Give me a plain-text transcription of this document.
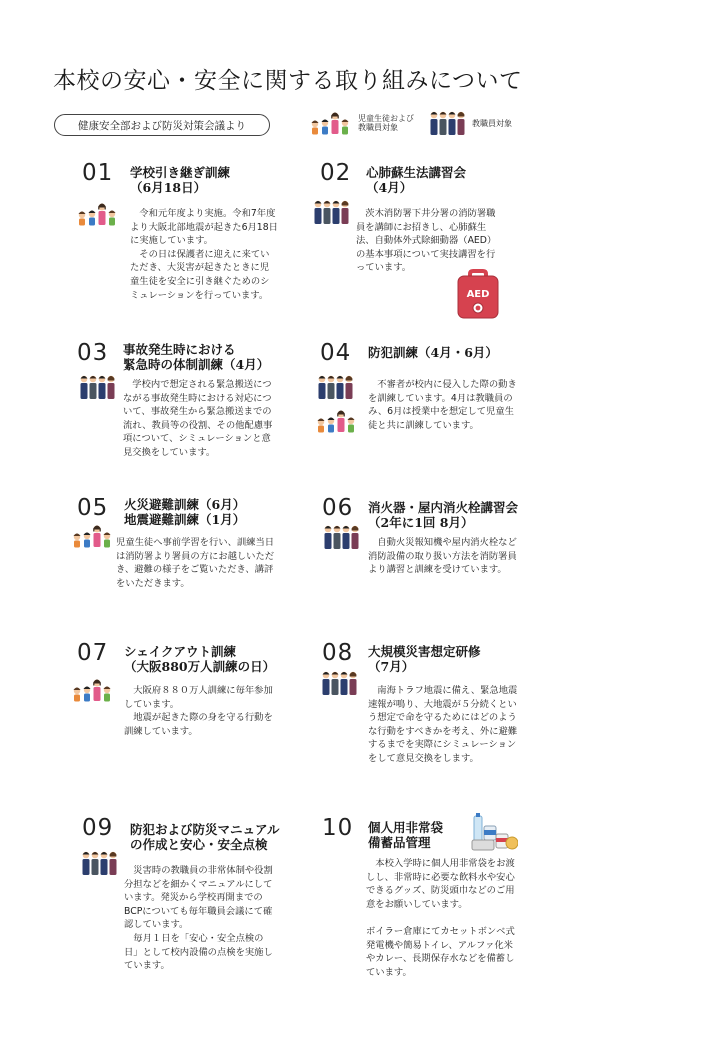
本校の安心・安全に関する取り組みについて
健康安全部および防災対策会議より
児童生徒および教職員対象	教職員対象
01 学校引き継ぎ訓練
（6月18日）

令和元年度より実施。令和7年度より大阪北部地震が起きた6月18日に実施しています。

その日は保護者に迎えに来ていただき、大災害が起きたときに児童生徒を安全に引き継ぐためのシミュレーションを行っています。

02 心肺蘇生法講習会
（4月）

茨木消防署下井分署の消防署職員を講師にお招きし、心肺蘇生法、自動体外式除細動器（AED）の基本事項について実技講習を行っています。

AED
03 事故発生時における
緊急時の体制訓練（4月）

学校内で想定される緊急搬送につながる事故発生時における対応について、事故発生から緊急搬送までの流れ、教員等の役割、その他配慮事項について、シミュレーションと意見交換をしています。

04 防犯訓練（4月・6月）

不審者が校内に侵入した際の動きを訓練しています。4月は教職員のみ、6月は授業中を想定して児童生徒と共に訓練しています。

05 火災避難訓練（6月）
地震避難訓練（1月）

児童生徒へ事前学習を行い、訓練当日は消防署より署員の方にお越しいただき、避難の様子をご覧いただき、講評をいただきます。

06 消火器・屋内消火栓講習会
（2年に1回 8月）

自動火災報知機や屋内消火栓など消防設備の取り扱い方法を消防署員より講習と訓練を受けています。

07 シェイクアウト訓練
（大阪880万人訓練の日）

大阪府８８０万人訓練に毎年参加しています。

地震が起きた際の身を守る行動を訓練しています。

08 大規模災害想定研修
（7月）

南海トラフ地震に備え、緊急地震速報が鳴り、大地震が５分続くという想定で命を守るためにはどのような行動をすべきかを考え、外に避難するまでを実際にシミュレーションをして意見交換をします。

09 防犯および防災マニュアル
の作成と安心・安全点検

災害時の教職員の非常体制や役割分担などを細かくマニュアルにしています。発災から学校再開までのBCPについても毎年職員会議にて確認しています。

毎月１日を「安心・安全点検の日」として校内設備の点検を実施しています。

10 個人用非常袋
備蓄品管理

本校入学時に個人用非常袋をお渡しし、非常時に必要な飲料水や安心できるグッズ、防災頭巾などのご用意をお願いしています。

ボイラー倉庫にてカセットボンベ式発電機や簡易トイレ、アルファ化米やカレー、長期保存水などを備蓄しています。
